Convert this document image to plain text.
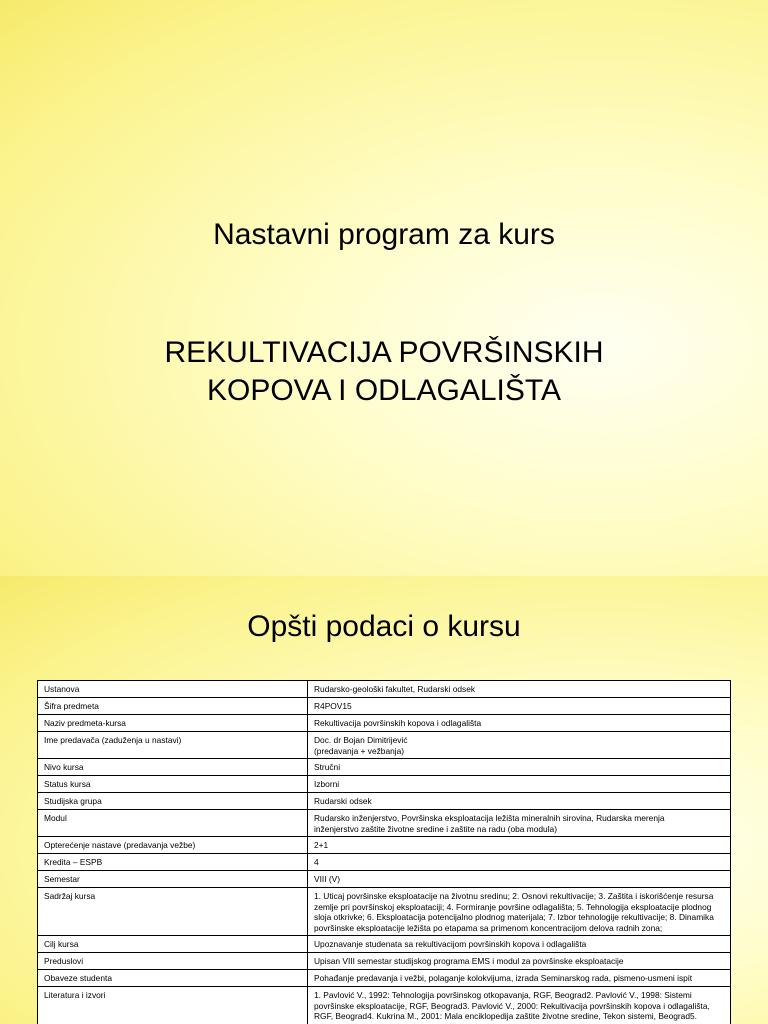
Nastavni program za kurs
REKULTIVACIJA POVRŠINSKIH
KOPOVA I ODLAGALIŠTA
Opšti podaci o kursu
Ustanova	Rudarsko-geološki fakultet, Rudarski odsek
Šifra predmeta	R4POV15
Naziv predmeta-kursa	Rekultivacija površinskih kopova i odlagališta
Ime predavača (zaduženja u nastavi)	Doc. dr Bojan Dimitrijević
(predavanja + vežbanja)
Nivo kursa	Stručni
Status kursa	Izborni
Studijska grupa	Rudarski odsek
Modul	Rudarsko inženjerstvo, Površinska eksploatacija ležišta mineralnih sirovina, Rudarska merenja
inženjerstvo zaštite životne sredine i zaštite na radu (oba modula)
Opterećenje nastave (predavanja vežbe)	2+1
Kredita – ESPB	4
Semestar	VIII (V)
Sadržaj kursa	1. Uticaj površinske eksploatacije na životnu sredinu; 2. Osnovi rekultivacije; 3. Zaštita i iskorišćenje resursa zemlje pri površinskoj eksploataciji; 4. Formiranje površine odlagališta; 5. Tehnologija eksploatacije plodnog sloja otkrivke; 6. Eksploatacija potencijalno plodnog materijala; 7. Izbor tehnologije rekultivacije; 8. Dinamika površinske eksploatacije ležišta po etapama sa primenom koncentracijom delova radnih zona;
Cilj kursa	Upoznavanje studenata sa rekultivacijom površinskih kopova i odlagališta
Preduslovi	Upisan VIII semestar studijskog programa EMS i modul za površinske eksploatacije
Obaveze studenta	Pohađanje predavanja i vežbi, polaganje kolokvijuma, izrada Seminarskog rada, pismeno-usmeni ispit
Literatura i izvori	1. Pavlović V., 1992: Tehnologija površinskog otkopavanja, RGF, Beograd2. Pavlović V., 1998: Sistemi površinske eksploatacije, RGF, Beograd3. Pavlović V., 2000: Rekultivacija površinskih kopova i odlagališta, RGF, Beograd4. Kukrina M., 2001: Mala enciklopedija zaštite životne sredine, Tekon sistemi, Beograd5.
